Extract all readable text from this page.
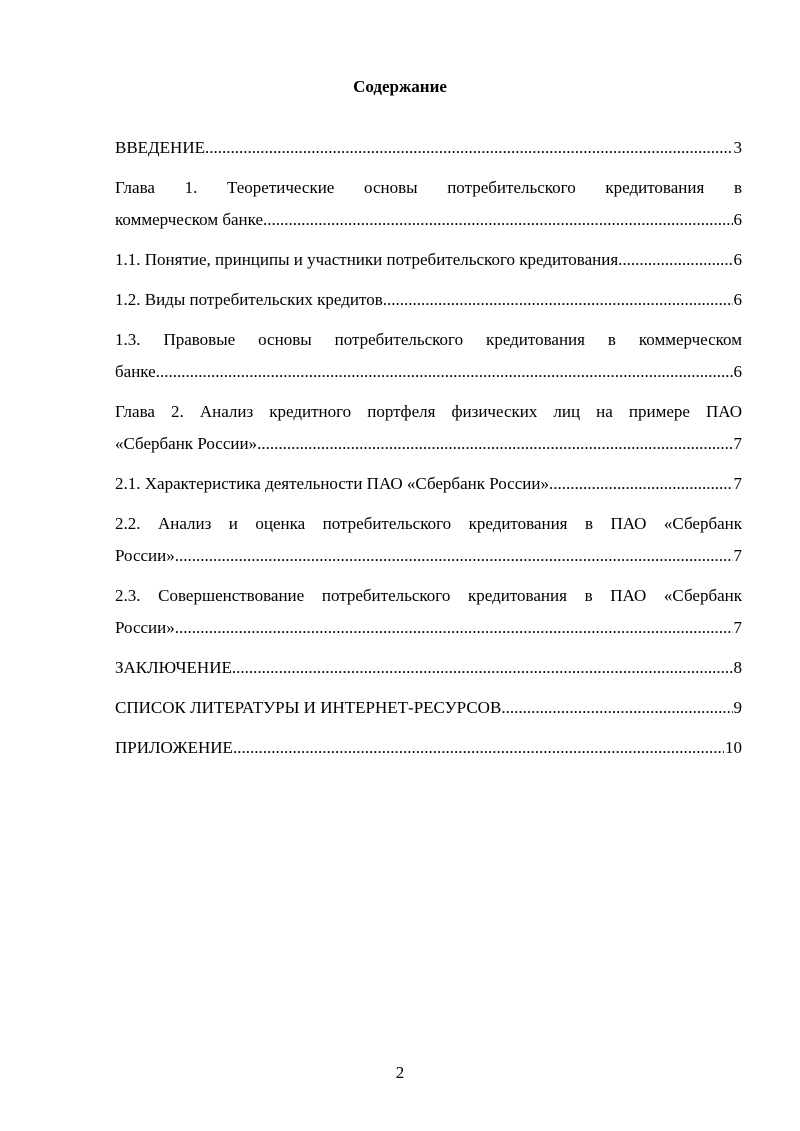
Содержание
ВВЕДЕНИЕ .....	3
Глава 1. Теоретические основы потребительского кредитования в
коммерческом банке .....	6
1.1. Понятие, принципы и участники потребительского кредитования .....	6
1.2. Виды потребительских кредитов .....	6
1.3. Правовые основы потребительского кредитования в коммерческом
банке .....	6
Глава 2. Анализ кредитного портфеля физических лиц на примере ПАО
«Сбербанк России» .....	7
2.1. Характеристика деятельности ПАО «Сбербанк России» .....	7
2.2. Анализ и оценка потребительского кредитования в ПАО «Сбербанк
России» .....	7
2.3. Совершенствование потребительского кредитования в ПАО «Сбербанк
России» .....	7
ЗАКЛЮЧЕНИЕ .....	8
СПИСОК ЛИТЕРАТУРЫ И ИНТЕРНЕТ-РЕСУРСОВ .....	9
ПРИЛОЖЕНИЕ .....	10
2
